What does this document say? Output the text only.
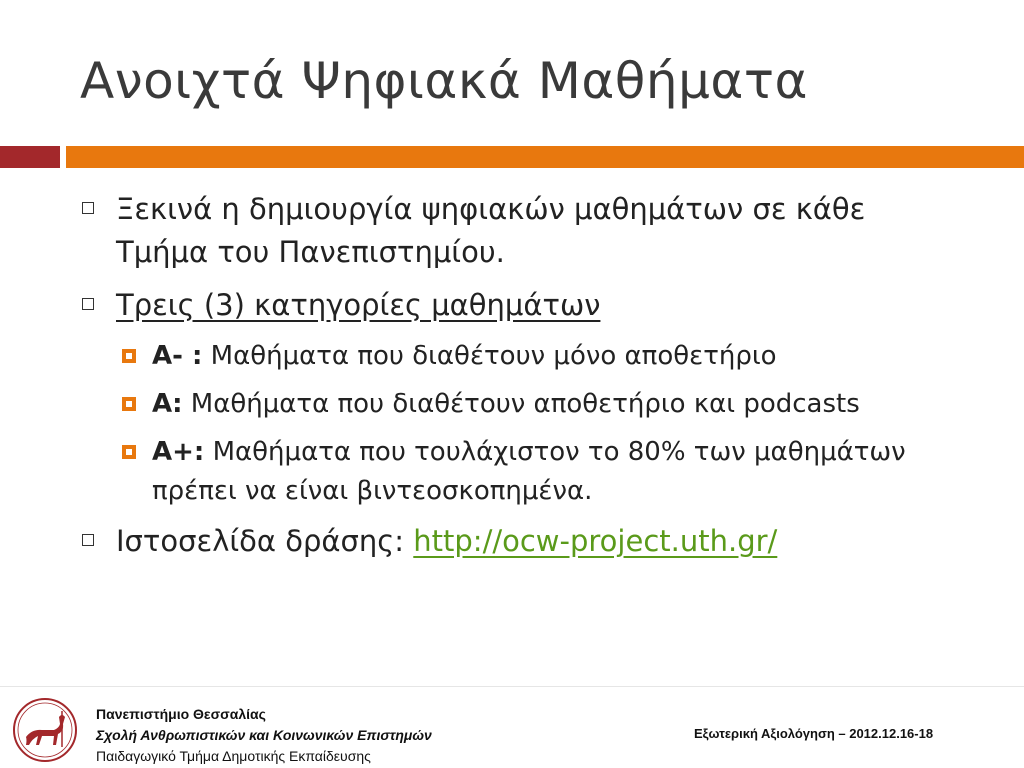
Ανοιχτά Ψηφιακά Μαθήματα
Ξεκινά η δημιουργία ψηφιακών μαθημάτων σε κάθε Τμήμα του Πανεπιστημίου.
Τρεις (3) κατηγορίες μαθημάτων
Α- : Μαθήματα που διαθέτουν μόνο αποθετήριο
Α: Μαθήματα που διαθέτουν αποθετήριο και podcasts
Α+: Μαθήματα που τουλάχιστον το 80% των μαθημάτων πρέπει να είναι βιντεοσκοπημένα.
Ιστοσελίδα δράσης: http://ocw-project.uth.gr/
Πανεπιστήμιο Θεσσαλίας
Σχολή Ανθρωπιστικών και Κοινωνικών Επιστημών
Παιδαγωγικό Τμήμα Δημοτικής Εκπαίδευσης
Εξωτερική Αξιολόγηση – 2012.12.16-18
